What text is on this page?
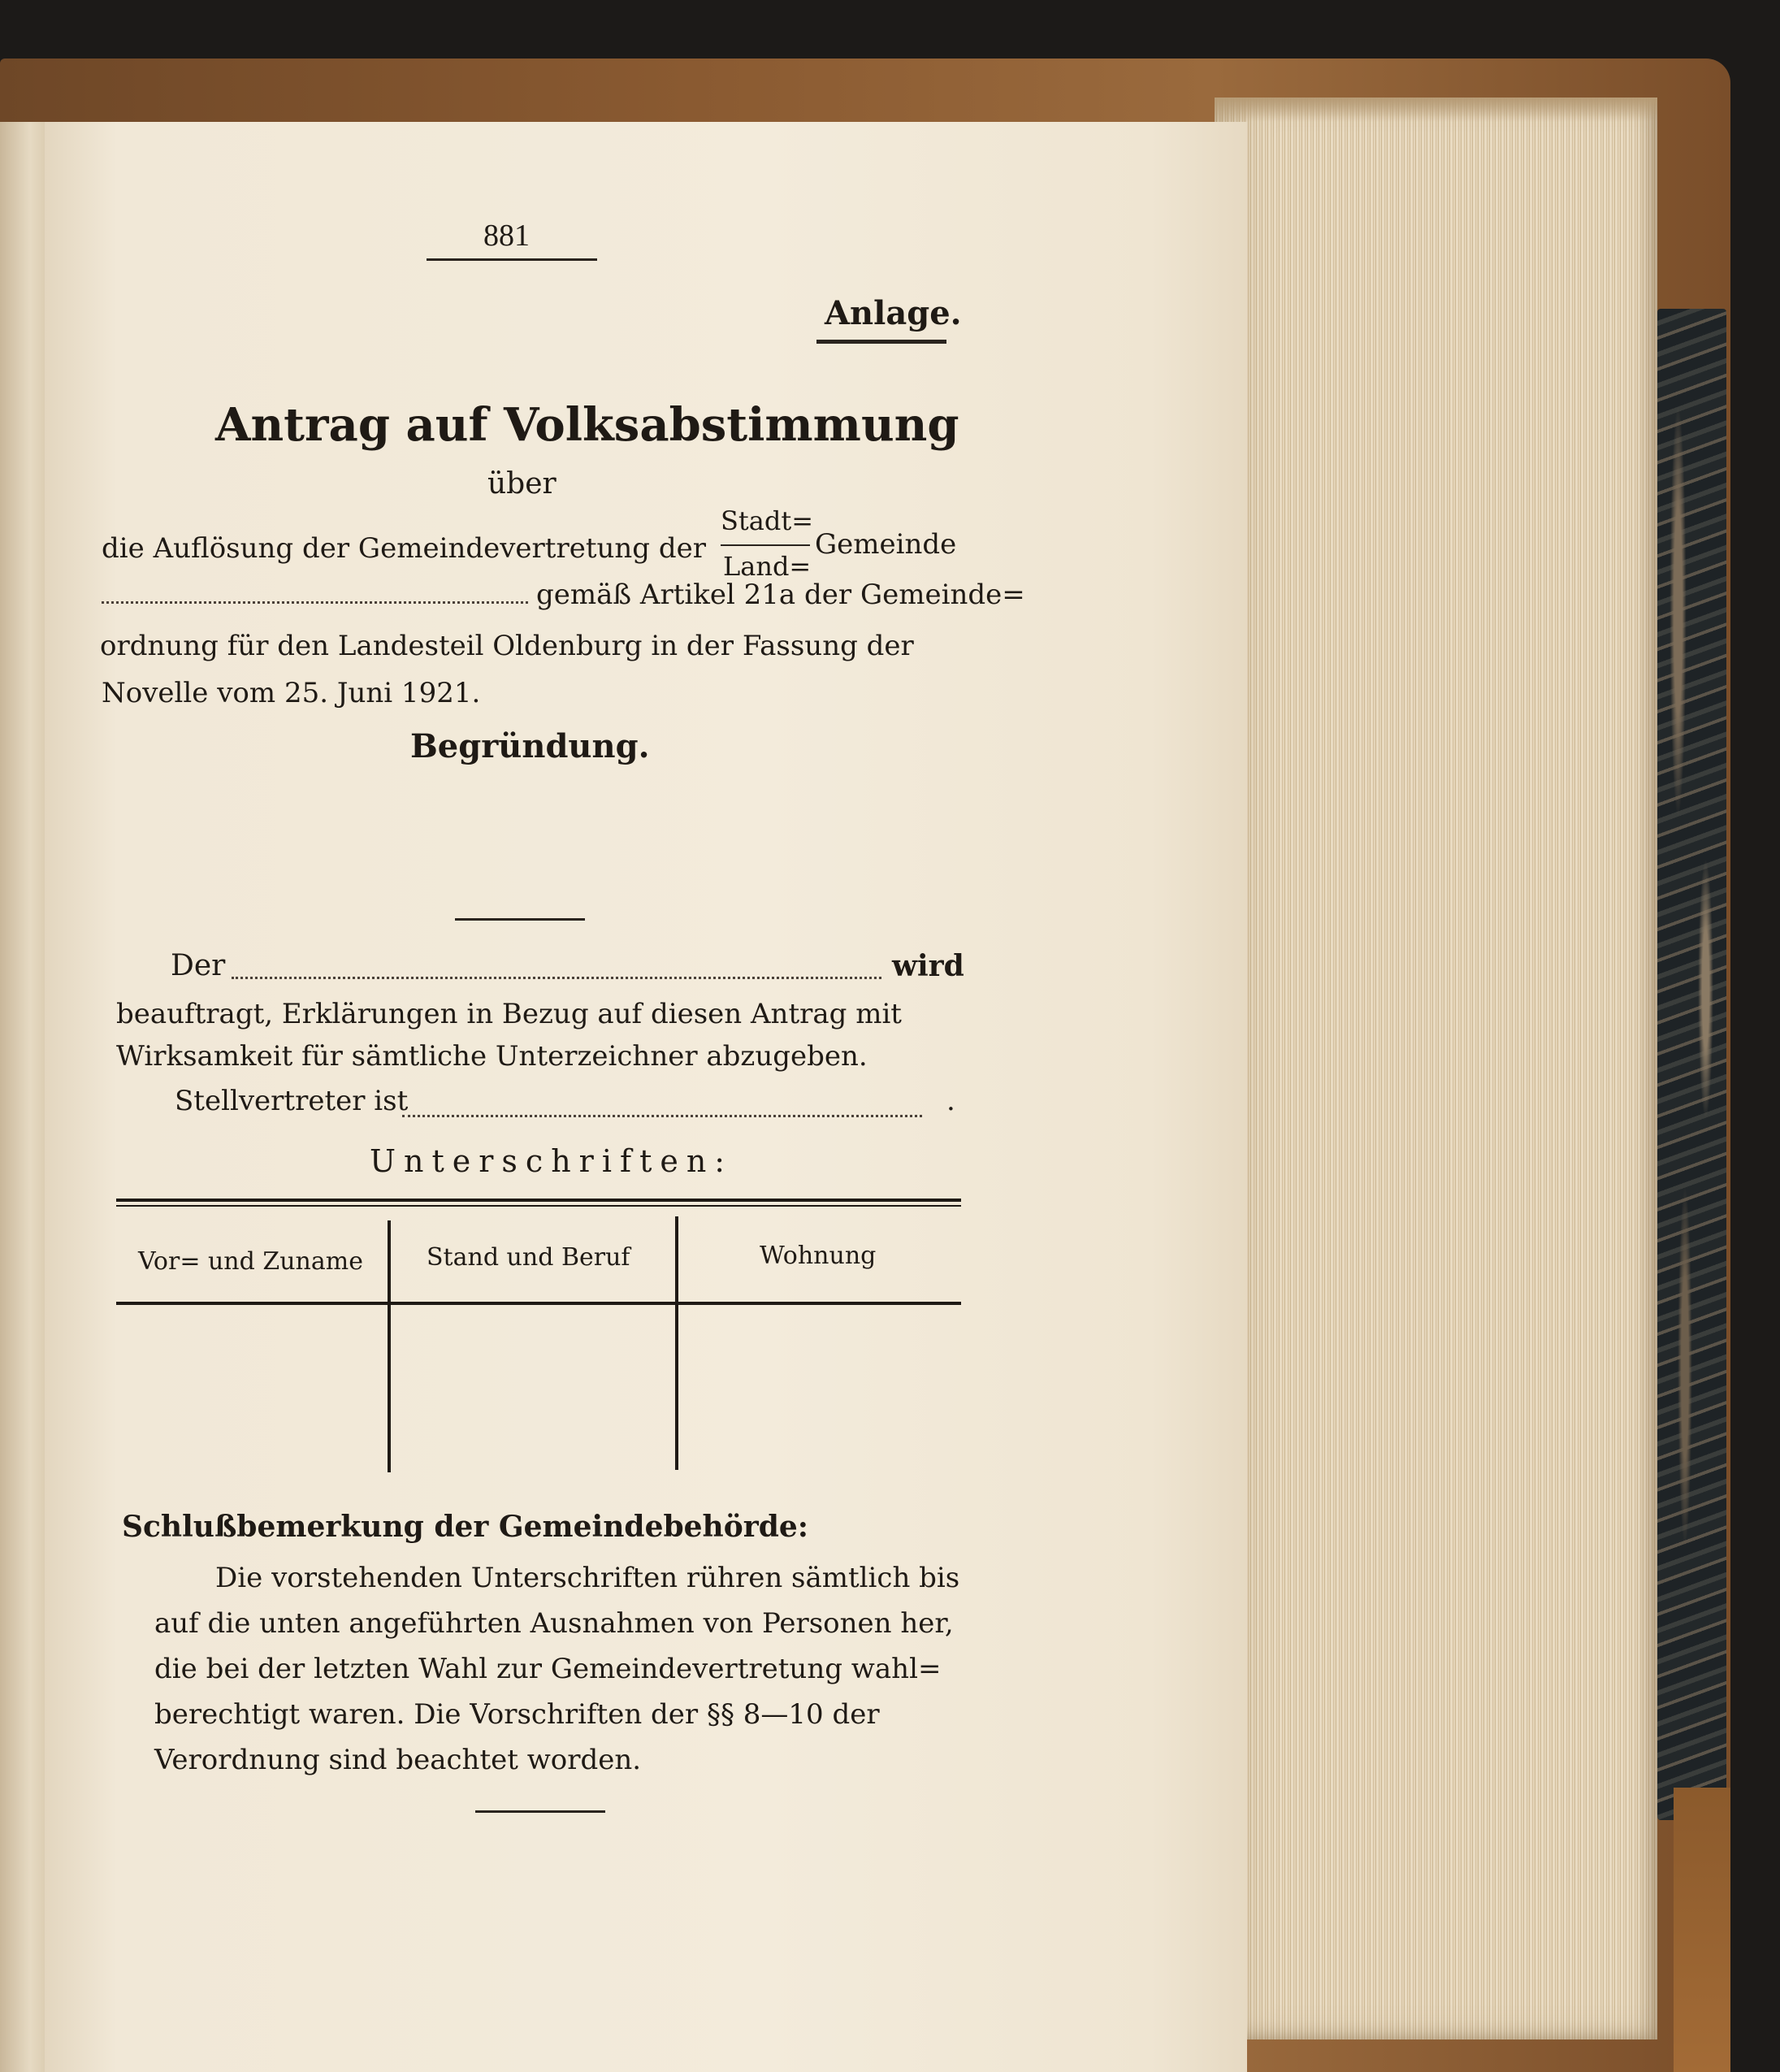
881
Anlage.
Antrag auf Volksabstimmung
über
die Auflösung der Gemeindevertretung der
Stadt=
Land=
Gemeinde
gemäß Artikel 21a der Gemeinde=
ordnung für den Landesteil Oldenburg in der Fassung der
Novelle vom 25. Juni 1921.
Begründung.
Der	wird
beauftragt, Erklärungen in Bezug auf diesen Antrag mit
Wirksamkeit für sämtliche Unterzeichner abzugeben.
Stellvertreter ist	.
Unterschriften:
Vor= und Zuname	Stand und Beruf	Wohnung
Schlußbemerkung der Gemeindebehörde:
Die vorstehenden Unterschriften rühren sämtlich bis
auf die unten angeführten Ausnahmen von Personen her,
die bei der letzten Wahl zur Gemeindevertretung wahl=
berechtigt waren. Die Vorschriften der §§ 8—10 der
Verordnung sind beachtet worden.
